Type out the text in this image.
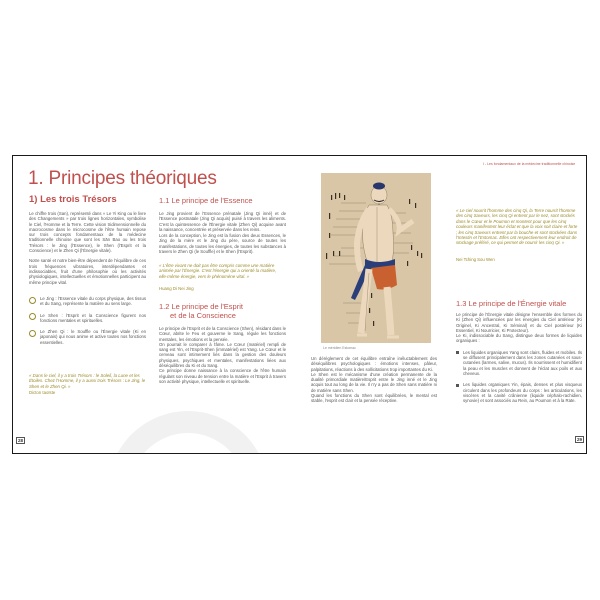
1. Principes théoriques
1) Les trois Trésors

Le chiffre trois (San), représenté dans « Le Yi King ou le livre des Changements » par trois lignes horizontales, symbolise le Ciel, l'Homme et la Terre. Cette vision tridimensionnelle du macrocosme dans le microcosme de l'être humain repose sur trois concepts fondamentaux de la médecine traditionnelle chinoise que sont les Sān Bao ou les trois Trésors : le Jing (l'Essence), le Shen (l'Esprit et la Conscience) et le Zhen Qi (l'Énergie vitale).

Notre santé et notre bien-être dépendent de l'équilibre de ces trois fréquences vibratoires, interdépendantes et indissociables, fruit d'une philosophie où les activités physiologiques, intellectuelles et émotionnelles participent au même principe vital.

Le Jing : l'Essence vitale du corps physique, des tissus et du Sang, représente la matière au sens large.
Le Shen : l'Esprit et la Conscience figurent nos fonctions mentales et spirituelles.
Le Zhen Qi : le Souffle ou l'Énergie vitale (Ki en japonais) qui nous anime et active toutes nos fonctions essentielles.
« Dans le ciel, il y a trois Trésors : le Soleil, la Lune et les Étoiles. Chez l'Homme, il y a aussi trois Trésors : Le Jing, le Shen et le Zhen Qi. »
Dicton taoïste
28
1.1 Le principe de l'Essence

Le Jing provient de l'Essence prénatale (Jing Qi inné) et de l'Essence postnatale (Jing Qi acquis) puisé à travers les aliments. C'est la quintessence de l'Énergie vitale (Zhen Qi) acquise avant la naissance, concentrée et préservée dans les reins.

Lors de la conception, le Jing est la fusion des deux Essences, le Jing de la mère et le Jing du père, source de toutes les manifestations, de toutes les énergies, de toutes les substances à travers le Zhen Qi (le Souffle) et le Shen (l'Esprit).

« L'être vivant ne doit pas être compris comme une matière animée par l'Énergie. C'est l'énergie qui a orienté la matière, elle-même énergie, vers le phénomène vital. »
Huang Di Nei Jing
1.2 Le principe de l'Esprit
et de la Conscience

Le principe de l'Esprit et de la Conscience (Shen), résidant dans le Cœur, abrite le Feu et gouverne le Sang, régule les fonctions mentales, les émotions et la pensée.

On pourrait le comparer à l'âme. Le Cœur (matériel) rempli de sang est Yin, et l'Esprit-Shen (immatériel) est Yang. Le Cœur et le cerveau sont intimement liés dans la gestion des douleurs physiques, psychiques et mentales, manifestations liées aux déséquilibres du Ki et du Sang.

Ce principe donne naissance à la conscience de l'être humain régulant son niveau de tension entre la matière et l'Esprit à travers son activité physique, intellectuelle et spirituelle.

I - Les fondamentaux de la médecine traditionnelle chinoise
Le méridien Estomac

Un dérèglement de cet équilibre entraîne inéluctablement des déséquilibres psychologiques : émotions intenses, pâleur, palpitations, réactions à des sollicitations trop importantes du Ki.

Le Shen est le mécanisme d'une création permanente de la dualité primordiale matière/Esprit entre le Jing inné et le Jing acquis tout au long de la vie. Il n'y a pas de Shen sans matière ni de matière sans Shen.

Quand les fonctions du Shen sont équilibrées, le mental est stable, l'esprit est clair et la pensée réceptive.

« Le ciel nourrit l'homme des cinq Qi, la Terre nourrit l'homme des cinq Saveurs, les cinq Qi entrent par le nez, sont stockés dans le Cœur et le Poumon et montent pour que les cinq couleurs manifestent leur éclat et que la voix soit claire et forte ; les cinq Saveurs entrent par la bouche et sont stockées dans l'Intestin et l'Estomac. Elles ont respectivement leur endroit de stockage préféré, ce qui permet de nourrir les cinq Qi. »
Nei Tching Sou Wen
1.3 Le principe de l'Énergie vitale

Le principe de l'Énergie vitale désigne l'ensemble des formes du Ki (Zhen Qi) influencées par les énergies du Ciel antérieur (Ki Originel, Ki Ancestral, Ki Séminal) et du Ciel postérieur (Ki Essentiel, Ki Nourricier, Ki Protecteur).

Le Ki, indissociable du Sang, distingue deux formes de liquides organiques :

Les liquides organiques Yang sont clairs, fluides et mobiles. Ils se diffusent principalement dans les zones cutanées et sous-cutanées (larmes, salive, mucus). Ils nourrissent et humidifient la peau et les muscles et donnent de l'éclat aux poils et aux cheveux.
Les liquides organiques Yin, épais, denses et plus visqueux circulent dans les profondeurs du corps : les articulations, les viscères et la cavité crânienne (liquide céphalo-rachidien, synovie) et sont associés au Rein, au Poumon et à la Rate.
29
